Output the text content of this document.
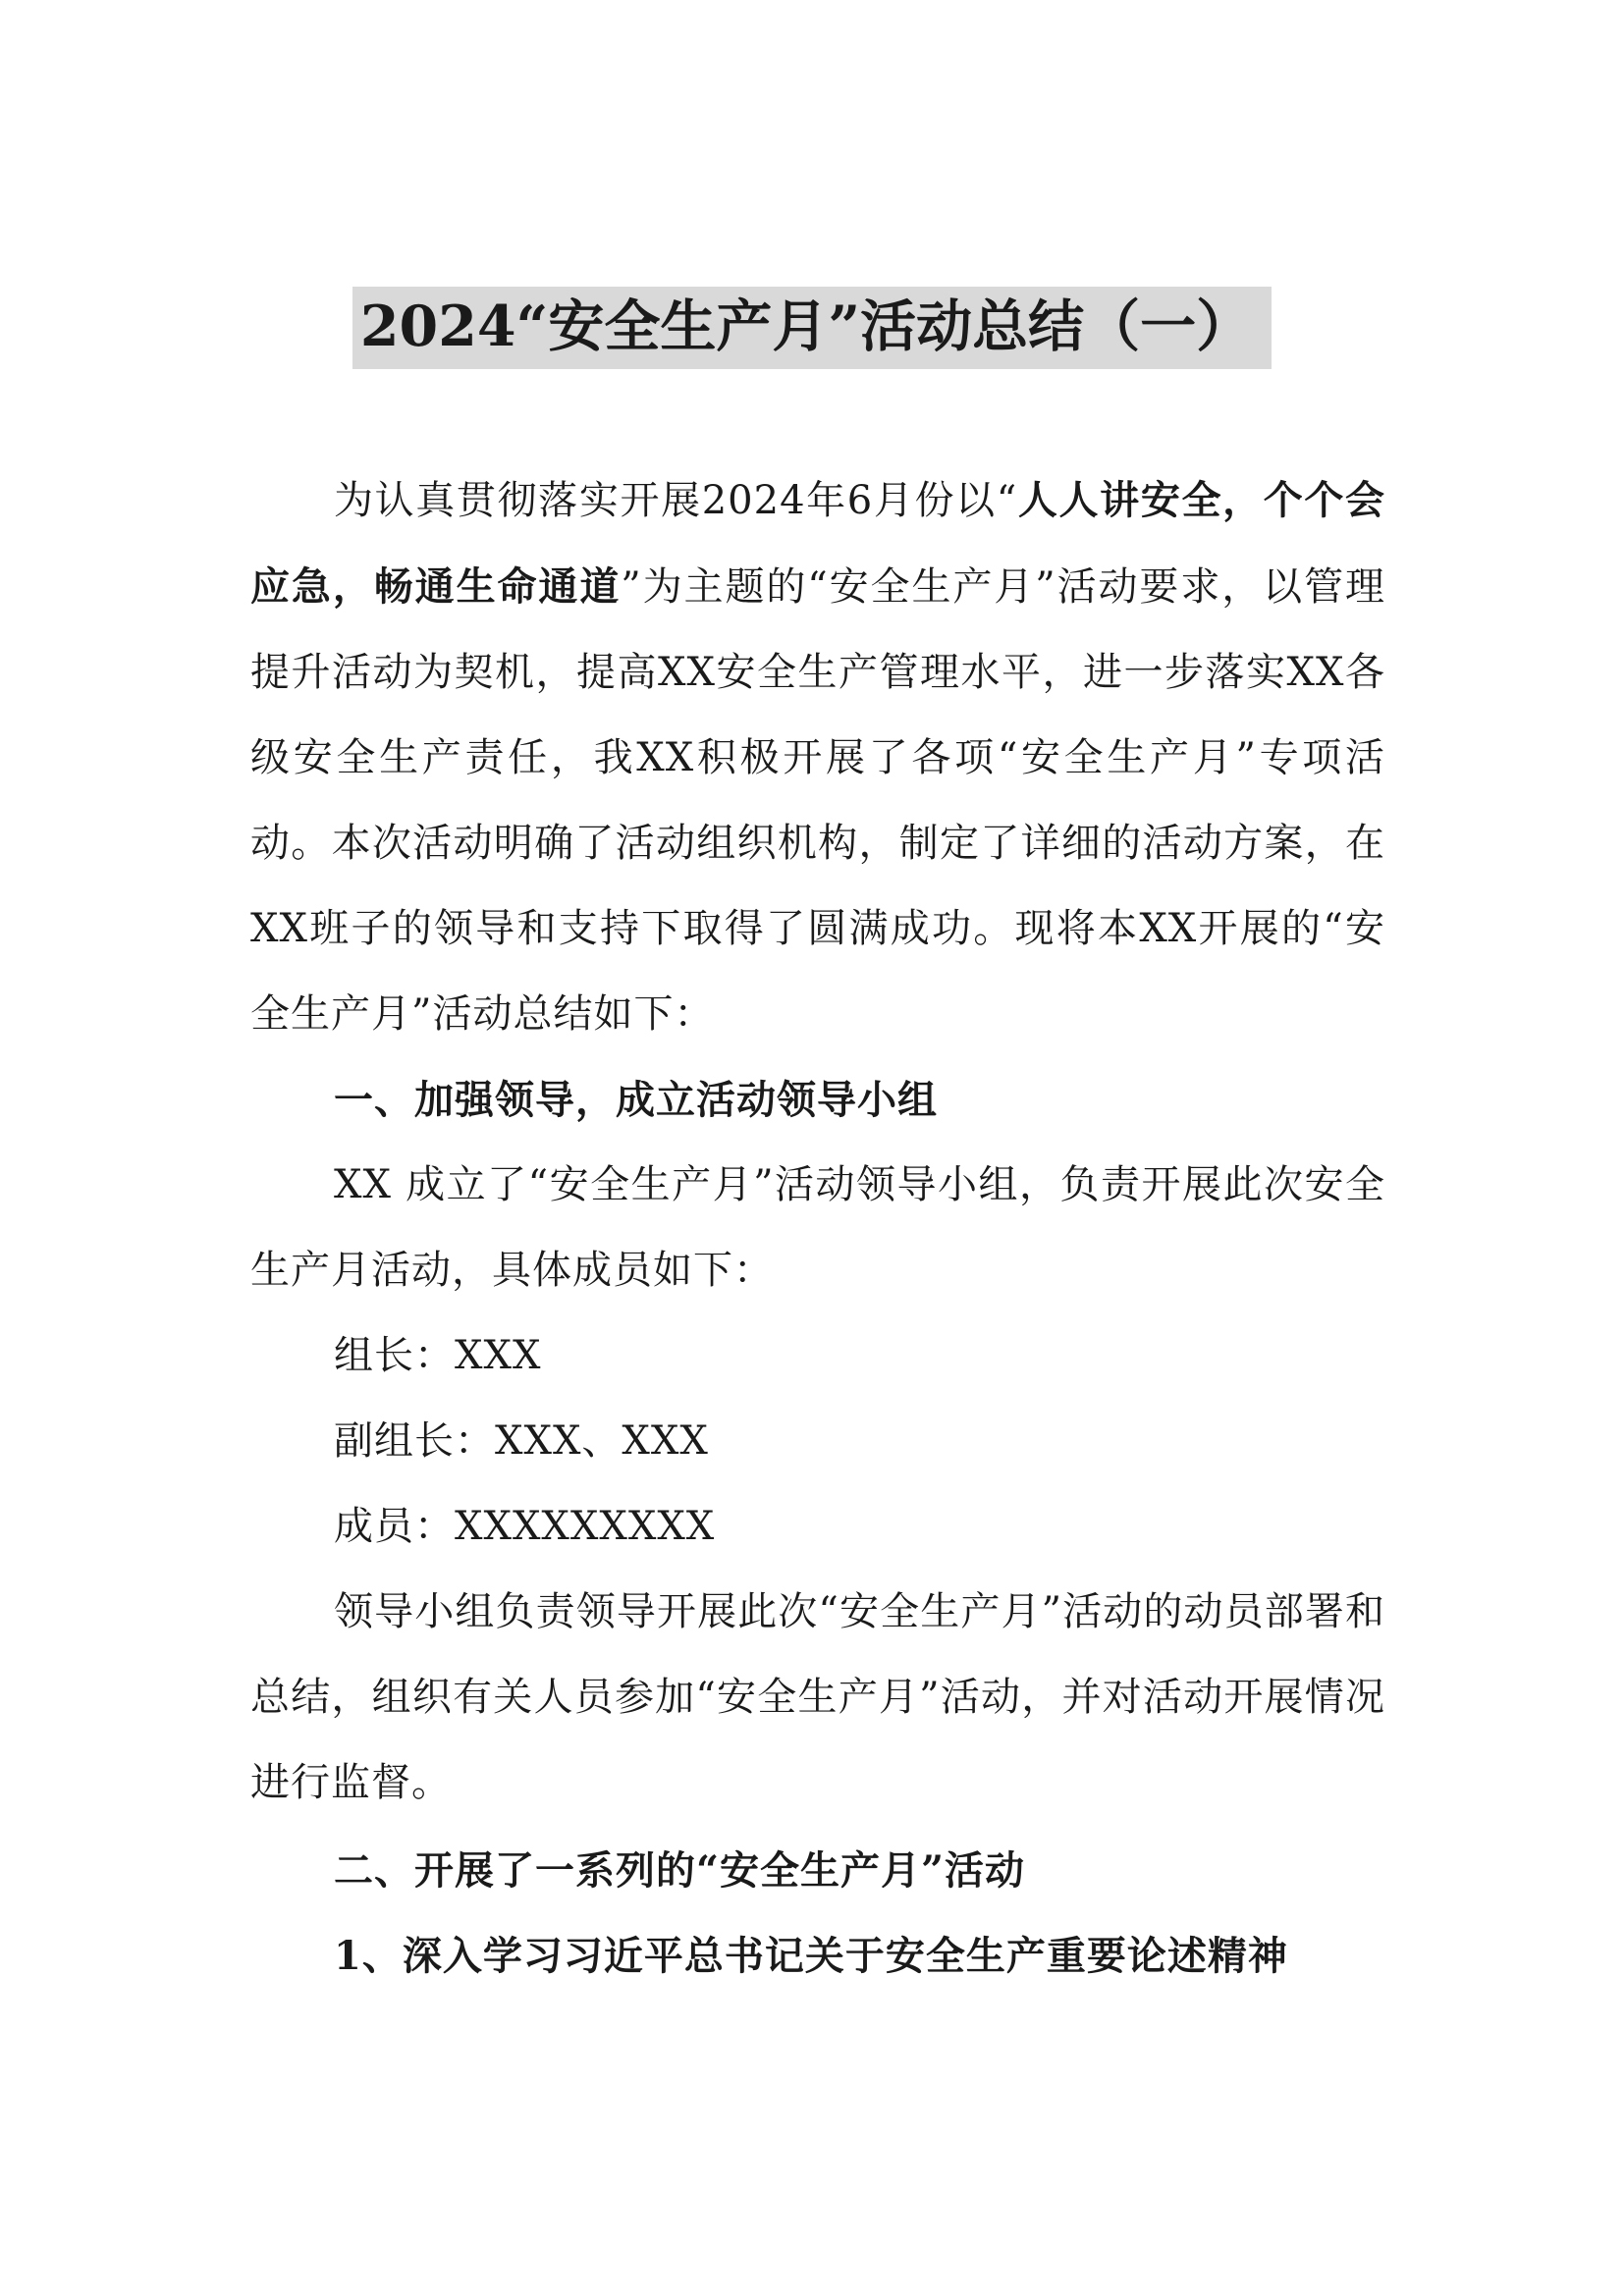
2024“安全生产月”活动总结（一）

为认真贯彻落实开展2024年6月份以“人人讲安全，个个会应急，畅通生命通道”为主题的“安全生产月”活动要求，以管理提升活动为契机，提高XX安全生产管理水平，进一步落实XX各级安全生产责任，我XX积极开展了各项“安全生产月”专项活动。本次活动明确了活动组织机构，制定了详细的活动方案，在XX班子的领导和支持下取得了圆满成功。现将本XX开展的“安全生产月”活动总结如下：

一、加强领导，成立活动领导小组

XX 成立了“安全生产月”活动领导小组，负责开展此次安全生产月活动，具体成员如下：

组长：XXX

副组长：XXX、XXX

成员：XXXXXXXXX

领导小组负责领导开展此次“安全生产月”活动的动员部署和总结，组织有关人员参加“安全生产月”活动，并对活动开展情况进行监督。

二、开展了一系列的“安全生产月”活动

1、深入学习习近平总书记关于安全生产重要论述精神
